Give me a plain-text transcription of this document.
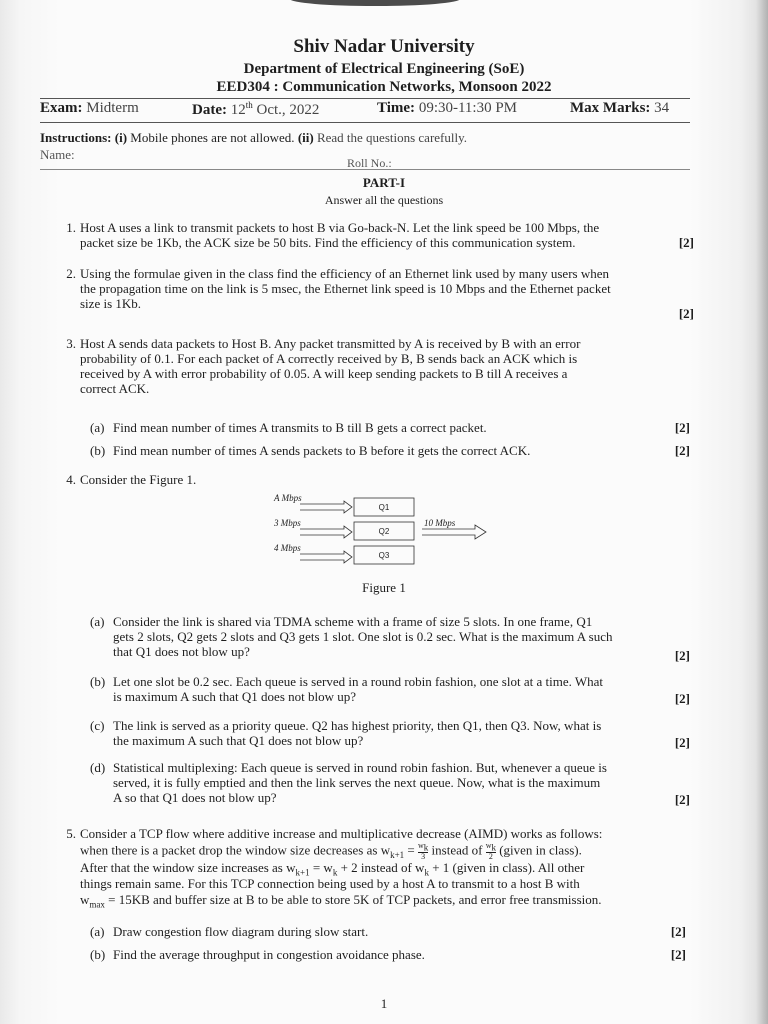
Shiv Nadar University
Department of Electrical Engineering (SoE)
EED304 : Communication Networks, Monsoon 2022
Exam: Midterm	Date: 12th Oct., 2022	Time: 09:30-11:30 PM	Max Marks: 34
Instructions: (i) Mobile phones are not allowed. (ii) Read the questions carefully.
Name:
Roll No.:
PART-I
Answer all the questions
1. Host A uses a link to transmit packets to host B via Go-back-N. Let the link speed be 100 Mbps, the
packet size be 1Kb, the ACK size be 50 bits. Find the efficiency of this communication system.	[2]
2. Using the formulae given in the class find the efficiency of an Ethernet link used by many users when
the propagation time on the link is 5 msec, the Ethernet link speed is 10 Mbps and the Ethernet packet
size is 1Kb.
[2]
3. Host A sends data packets to Host B. Any packet transmitted by A is received by B with an error
probability of 0.1. For each packet of A correctly received by B, B sends back an ACK which is
received by A with error probability of 0.05. A will keep sending packets to B till A receives a
correct ACK.
(a) Find mean number of times A transmits to B till B gets a correct packet.	[2]
(b) Find mean number of times A sends packets to B before it gets the correct ACK.	[2]
4. Consider the Figure 1.
A Mbps
3 Mbps
4 Mbps
10 Mbps
Q1
Q2
Q3
Figure 1
(a) Consider the link is shared via TDMA scheme with a frame of size 5 slots. In one frame, Q1
gets 2 slots, Q2 gets 2 slots and Q3 gets 1 slot. One slot is 0.2 sec. What is the maximum A such
that Q1 does not blow up?	[2]
(b) Let one slot be 0.2 sec. Each queue is served in a round robin fashion, one slot at a time. What
is maximum A such that Q1 does not blow up?	[2]
(c) The link is served as a priority queue. Q2 has highest priority, then Q1, then Q3. Now, what is
the maximum A such that Q1 does not blow up?	[2]
(d) Statistical multiplexing: Each queue is served in round robin fashion. But, whenever a queue is
served, it is fully emptied and then the link serves the next queue. Now, what is the maximum
A so that Q1 does not blow up?	[2]
5. Consider a TCP flow where additive increase and multiplicative decrease (AIMD) works as follows:
when there is a packet drop the window size decreases as $w_{k+1} = \frac{w_k}{3}$ instead of $\frac{w_k}{2}$ (given in class).
After that the window size increases as $w_{k+1} = w_k + 2$ instead of $w_k + 1$ (given in class). All other
things remain same. For this TCP connection being used by a host A to transmit to a host B with
$w_{max} = 15KB$ and buffer size at B to be able to store 5K of TCP packets, and error free transmission.
(a) Draw congestion flow diagram during slow start.	[2]
(b) Find the average throughput in congestion avoidance phase.	[2]
1
